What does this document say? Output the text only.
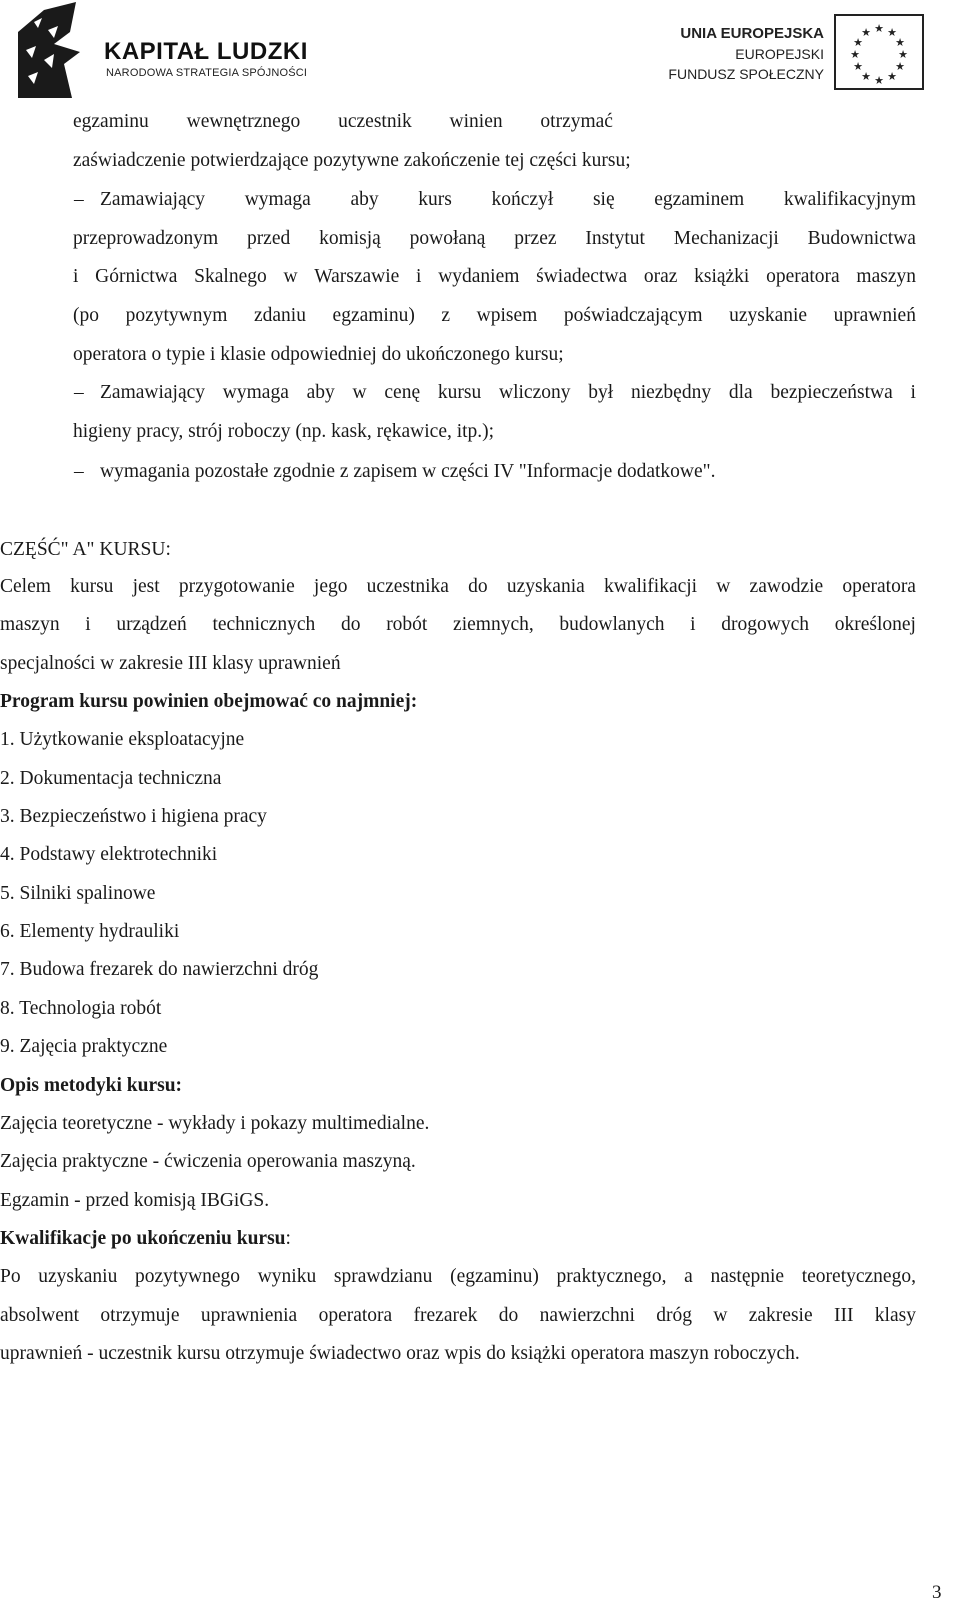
KAPITAŁ LUDZKI
NARODOWA STRATEGIA SPÓJNOŚCI
UNIA EUROPEJSKA
EUROPEJSKI
FUNDUSZ SPOŁECZNY
★ ★
★
★
★
★
★
★
★
★
★
★
egzaminu wewnętrznego uczestnik winien otrzymać
zaświadczenie potwierdzające pozytywne zakończenie tej części kursu;
– Zamawiający wymaga aby kurs kończył się egzaminem kwalifikacyjnym
przeprowadzonym przed komisją powołaną przez Instytut Mechanizacji Budownictwa
i Górnictwa Skalnego w Warszawie i wydaniem świadectwa oraz książki operatora maszyn
(po pozytywnym zdaniu egzaminu) z wpisem poświadczającym uzyskanie uprawnień
operatora o typie i klasie odpowiedniej do ukończonego kursu;
– Zamawiający wymaga aby w cenę kursu wliczony był niezbędny dla bezpieczeństwa i
higieny pracy, strój roboczy (np. kask, rękawice, itp.);
– wymagania pozostałe zgodnie z zapisem w części IV "Informacje dodatkowe".
CZĘŚĆ" A" KURSU:
Celem kursu jest przygotowanie jego uczestnika do uzyskania kwalifikacji w zawodzie operatora
maszyn i urządzeń technicznych do robót ziemnych, budowlanych i drogowych określonej
specjalności w zakresie III klasy uprawnień
Program kursu powinien obejmować co najmniej:
1. Użytkowanie eksploatacyjne
2. Dokumentacja techniczna
3. Bezpieczeństwo i higiena pracy
4. Podstawy elektrotechniki
5. Silniki spalinowe
6. Elementy hydrauliki
7. Budowa frezarek do nawierzchni dróg
8. Technologia robót
9. Zajęcia praktyczne
Opis metodyki kursu:
Zajęcia teoretyczne - wykłady i pokazy multimedialne.
Zajęcia praktyczne - ćwiczenia operowania maszyną.
Egzamin - przed komisją IBGiGS.
Kwalifikacje po ukończeniu kursu:
Po uzyskaniu pozytywnego wyniku sprawdzianu (egzaminu) praktycznego, a następnie teoretycznego,
absolwent otrzymuje uprawnienia operatora frezarek do nawierzchni dróg w zakresie III klasy
uprawnień - uczestnik kursu otrzymuje świadectwo oraz wpis do książki operatora maszyn roboczych.
3
